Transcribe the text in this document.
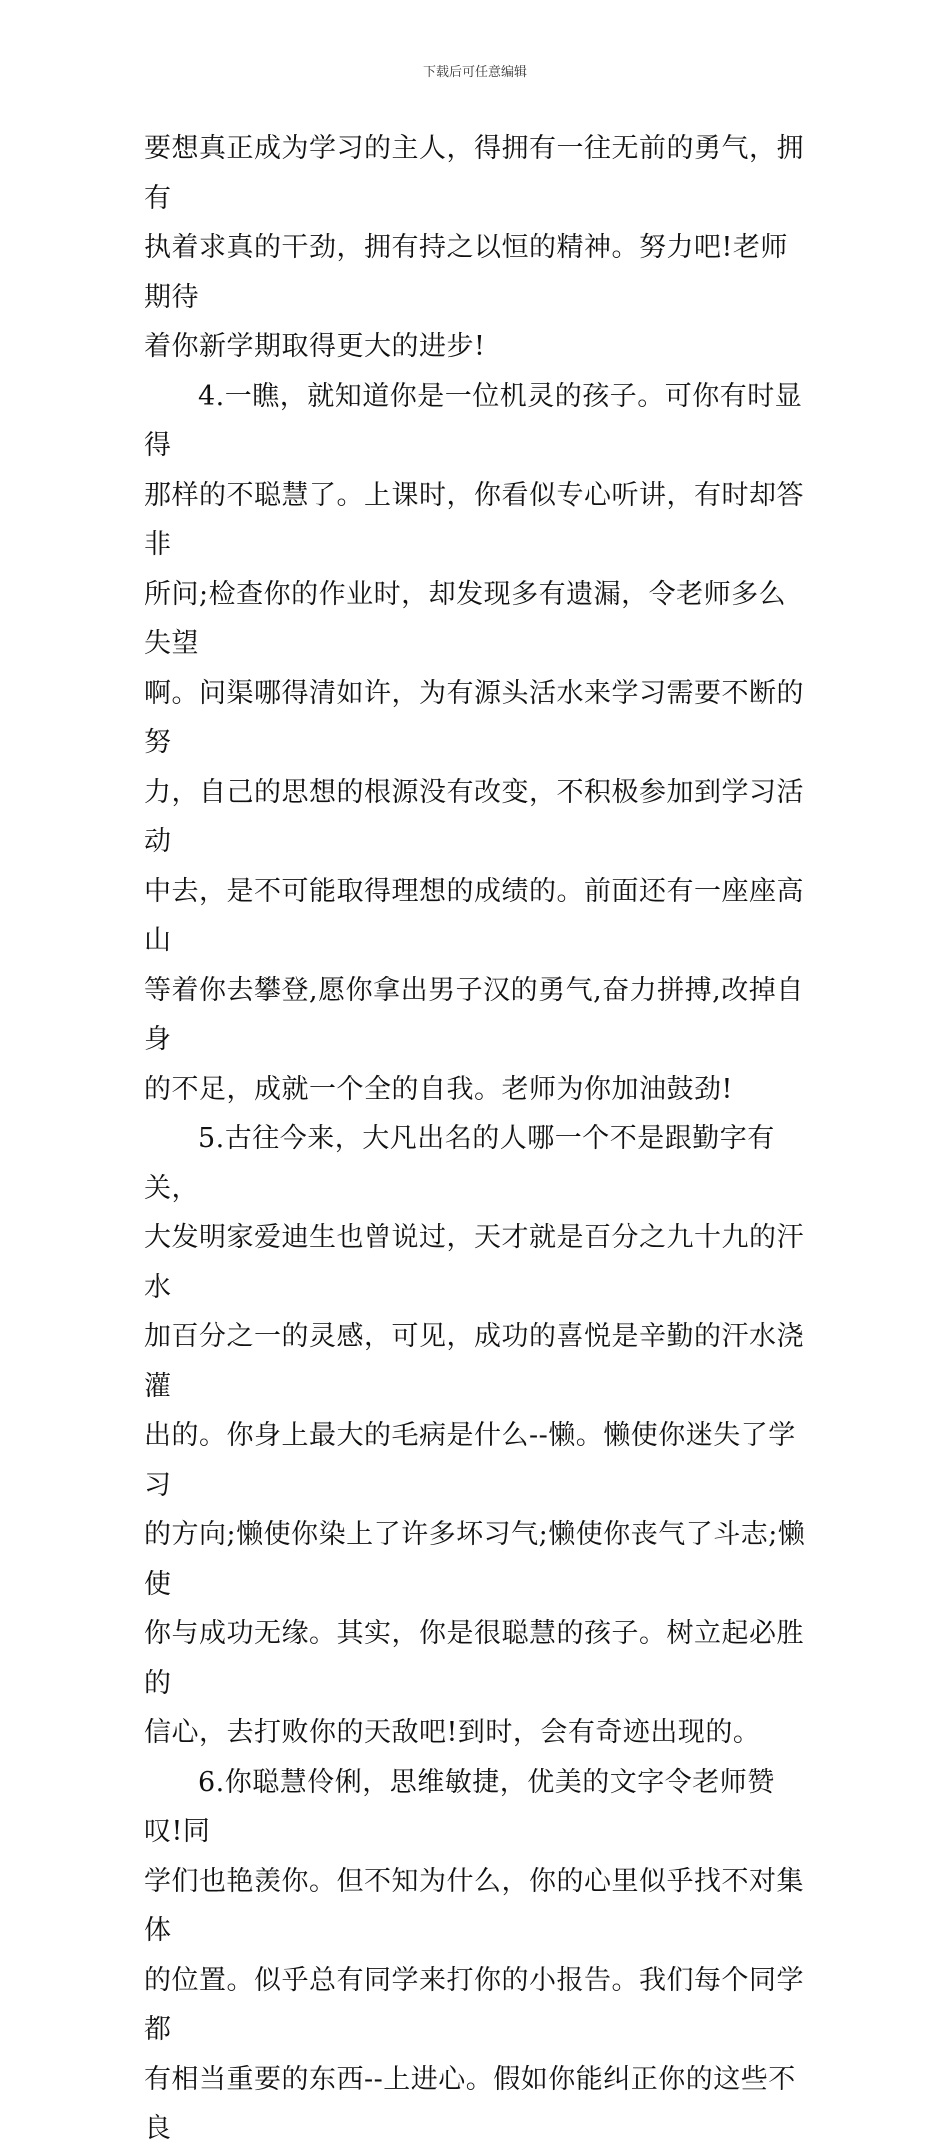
下载后可任意编辑

要想真正成为学习的主人，得拥有一往无前的勇气，拥有
执着求真的干劲，拥有持之以恒的精神。努力吧!老师期待
着你新学期取得更大的进步!

4.一瞧，就知道你是一位机灵的孩子。可你有时显得
那样的不聪慧了。上课时，你看似专心听讲，有时却答非
所问;检查你的作业时，却发现多有遗漏，令老师多么失望
啊。问渠哪得清如许，为有源头活水来学习需要不断的努
力，自己的思想的根源没有改变，不积极参加到学习活动
中去，是不可能取得理想的成绩的。前面还有一座座高山
等着你去攀登,愿你拿出男子汉的勇气,奋力拼搏,改掉自身
的不足，成就一个全的自我。老师为你加油鼓劲!

5.古往今来，大凡出名的人哪一个不是跟勤字有关，
大发明家爱迪生也曾说过，天才就是百分之九十九的汗水
加百分之一的灵感，可见，成功的喜悦是辛勤的汗水浇灌
出的。你身上最大的毛病是什么--懒。懒使你迷失了学习
的方向;懒使你染上了许多坏习气;懒使你丧气了斗志;懒使
你与成功无缘。其实，你是很聪慧的孩子。树立起必胜的
信心，去打败你的天敌吧!到时，会有奇迹出现的。

6.你聪慧伶俐，思维敏捷，优美的文字令老师赞叹!同
学们也艳羡你。但不知为什么，你的心里似乎找不对集体
的位置。似乎总有同学来打你的小报告。我们每个同学都
有相当重要的东西--上进心。假如你能纠正你的这些不良
